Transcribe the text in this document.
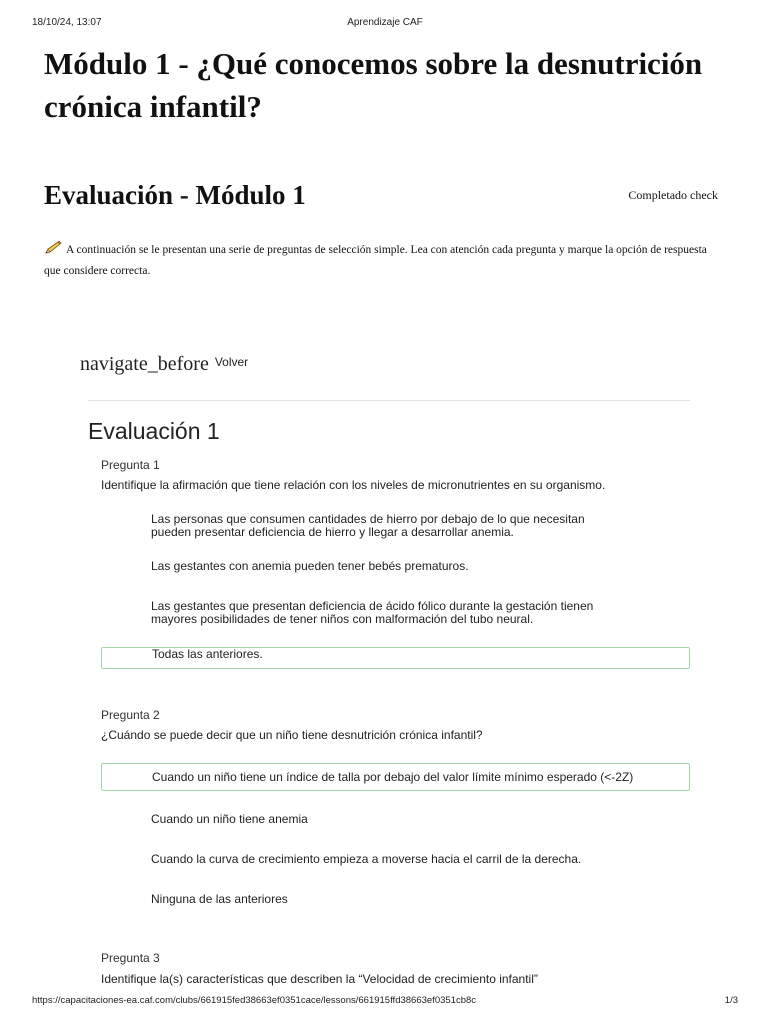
18/10/24, 13:07	Aprendizaje CAF
Módulo 1 - ¿Qué conocemos sobre la desnutrición crónica infantil?
Evaluación - Módulo 1	Completado check

A continuación se le presentan una serie de preguntas de selección simple. Lea con atención cada pregunta y marque la opción de respuesta que considere correcta.

navigate_before $^{Volver}$
Evaluación 1
Pregunta 1
Identifique la afirmación que tiene relación con los niveles de micronutrientes en su organismo.
Las personas que consumen cantidades de hierro por debajo de lo que necesitan pueden presentar deficiencia de hierro y llegar a desarrollar anemia.
Las gestantes con anemia pueden tener bebés prematuros.
Las gestantes que presentan deficiencia de ácido fólico durante la gestación tienen mayores posibilidades de tener niños con malformación del tubo neural.
Todas las anteriores.
Pregunta 2
¿Cuándo se puede decir que un niño tiene desnutrición crónica infantil?
Cuando un niño tiene un índice de talla por debajo del valor límite mínimo esperado (<-2Z)
Cuando un niño tiene anemia
Cuando la curva de crecimiento empieza a moverse hacia el carril de la derecha.
Ninguna de las anteriores
Pregunta 3
Identifique la(s) características que describen la “Velocidad de crecimiento infantil”
https://capacitaciones-ea.caf.com/clubs/661915fed38663ef0351cace/lessons/661915ffd38663ef0351cb8c	1/3
